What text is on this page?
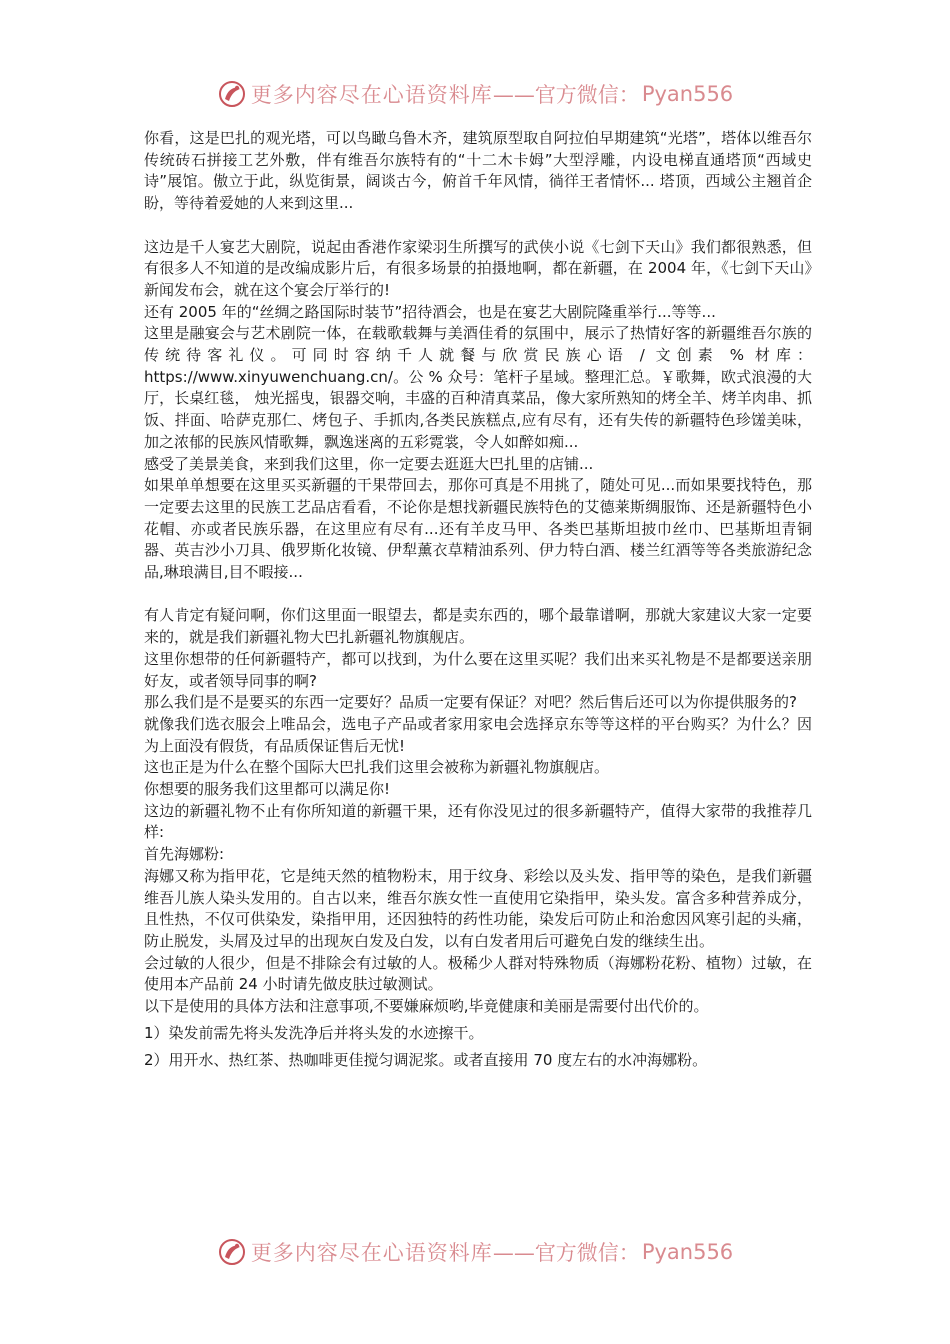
更多内容尽在心语资料库 ——官方微信： Pyan556

你看，这是巴扎的观光塔，可以鸟瞰乌鲁木齐，建筑原型取自阿拉伯早期建筑“光塔”，塔体以维吾尔传统砖石拼接工艺外敷，伴有维吾尔族特有的“十二木卡姆”大型浮雕，内设电梯直通塔顶“西域史诗”展馆。傲立于此，纵览街景，阔谈古今，俯首千年风情，徜徉王者情怀... 塔顶，西域公主翘首企盼，等待着爱她的人来到这里...

这边是千人宴艺大剧院，说起由香港作家梁羽生所撰写的武侠小说《七剑下天山》我们都很熟悉，但有很多人不知道的是改编成影片后，有很多场景的拍摄地啊，都在新疆，在 2004 年，《七剑下天山》新闻发布会，就在这个宴会厅举行的!

还有 2005 年的“丝绸之路国际时装节”招待酒会，也是在宴艺大剧院隆重举行...等等...

这里是融宴会与艺术剧院一体，在载歌载舞与美酒佳肴的氛围中，展示了热情好客的新疆维吾尔族的传统待客礼仪。可同时容纳千人就餐与欣赏民族心语 / 文创素 % 材库：https://www.xinyuwenchuang.cn/。公 % 众号：笔杆子星域。整理汇总。￥歌舞，欧式浪漫的大厅，长桌红毯， 烛光摇曳，银器交响，丰盛的百种清真菜品，像大家所熟知的烤全羊、烤羊肉串、抓饭、拌面、哈萨克那仁、烤包子、手抓肉,各类民族糕点,应有尽有，还有失传的新疆特色珍馐美味， 加之浓郁的民族风情歌舞，飘逸迷离的五彩霓裳，令人如醉如痴...

感受了美景美食，来到我们这里，你一定要去逛逛大巴扎里的店铺...

如果单单想要在这里买买新疆的干果带回去，那你可真是不用挑了，随处可见...而如果要找特色，那一定要去这里的民族工艺品店看看，不论你是想找新疆民族特色的艾德莱斯绸服饰、还是新疆特色小花帽、亦或者民族乐器，在这里应有尽有...还有羊皮马甲、各类巴基斯坦披巾丝巾、巴基斯坦青铜器、英吉沙小刀具、俄罗斯化妆镜、伊犁薰衣草精油系列、伊力特白酒、楼兰红酒等等各类旅游纪念品,琳琅满目,目不暇接...

有人肯定有疑问啊，你们这里面一眼望去，都是卖东西的，哪个最靠谱啊，那就大家建议大家一定要来的，就是我们新疆礼物大巴扎新疆礼物旗舰店。

这里你想带的任何新疆特产，都可以找到，为什么要在这里买呢？我们出来买礼物是不是都要送亲朋好友，或者领导同事的啊?

那么我们是不是要买的东西一定要好？品质一定要有保证？对吧？然后售后还可以为你提供服务的?

就像我们选衣服会上唯品会，选电子产品或者家用家电会选择京东等等这样的平台购买？为什么？因为上面没有假货，有品质保证售后无忧!

这也正是为什么在整个国际大巴扎我们这里会被称为新疆礼物旗舰店。

你想要的服务我们这里都可以满足你!

这边的新疆礼物不止有你所知道的新疆干果，还有你没见过的很多新疆特产，值得大家带的我推荐几样:

首先海娜粉:

海娜又称为指甲花，它是纯天然的植物粉末，用于纹身、彩绘以及头发、指甲等的染色，是我们新疆维吾儿族人染头发用的。自古以来，维吾尔族女性一直使用它染指甲，染头发。富含多种营养成分，且性热，不仅可供染发，染指甲用，还因独特的药性功能，染发后可防止和治愈因风寒引起的头痛， 防止脱发，头屑及过早的出现灰白发及白发，以有白发者用后可避免白发的继续生出。

会过敏的人很少，但是不排除会有过敏的人。极稀少人群对特殊物质（海娜粉花粉、植物）过敏，在使用本产品前 24 小时请先做皮肤过敏测试。

以下是使用的具体方法和注意事项,不要嫌麻烦哟,毕竟健康和美丽是需要付出代价的。

1）染发前需先将头发洗净后并将头发的水迹擦干。

2）用开水、热红茶、热咖啡更佳搅匀调泥浆。或者直接用 70 度左右的水冲海娜粉。

更多内容尽在心语资料库 ——官方微信： Pyan556
